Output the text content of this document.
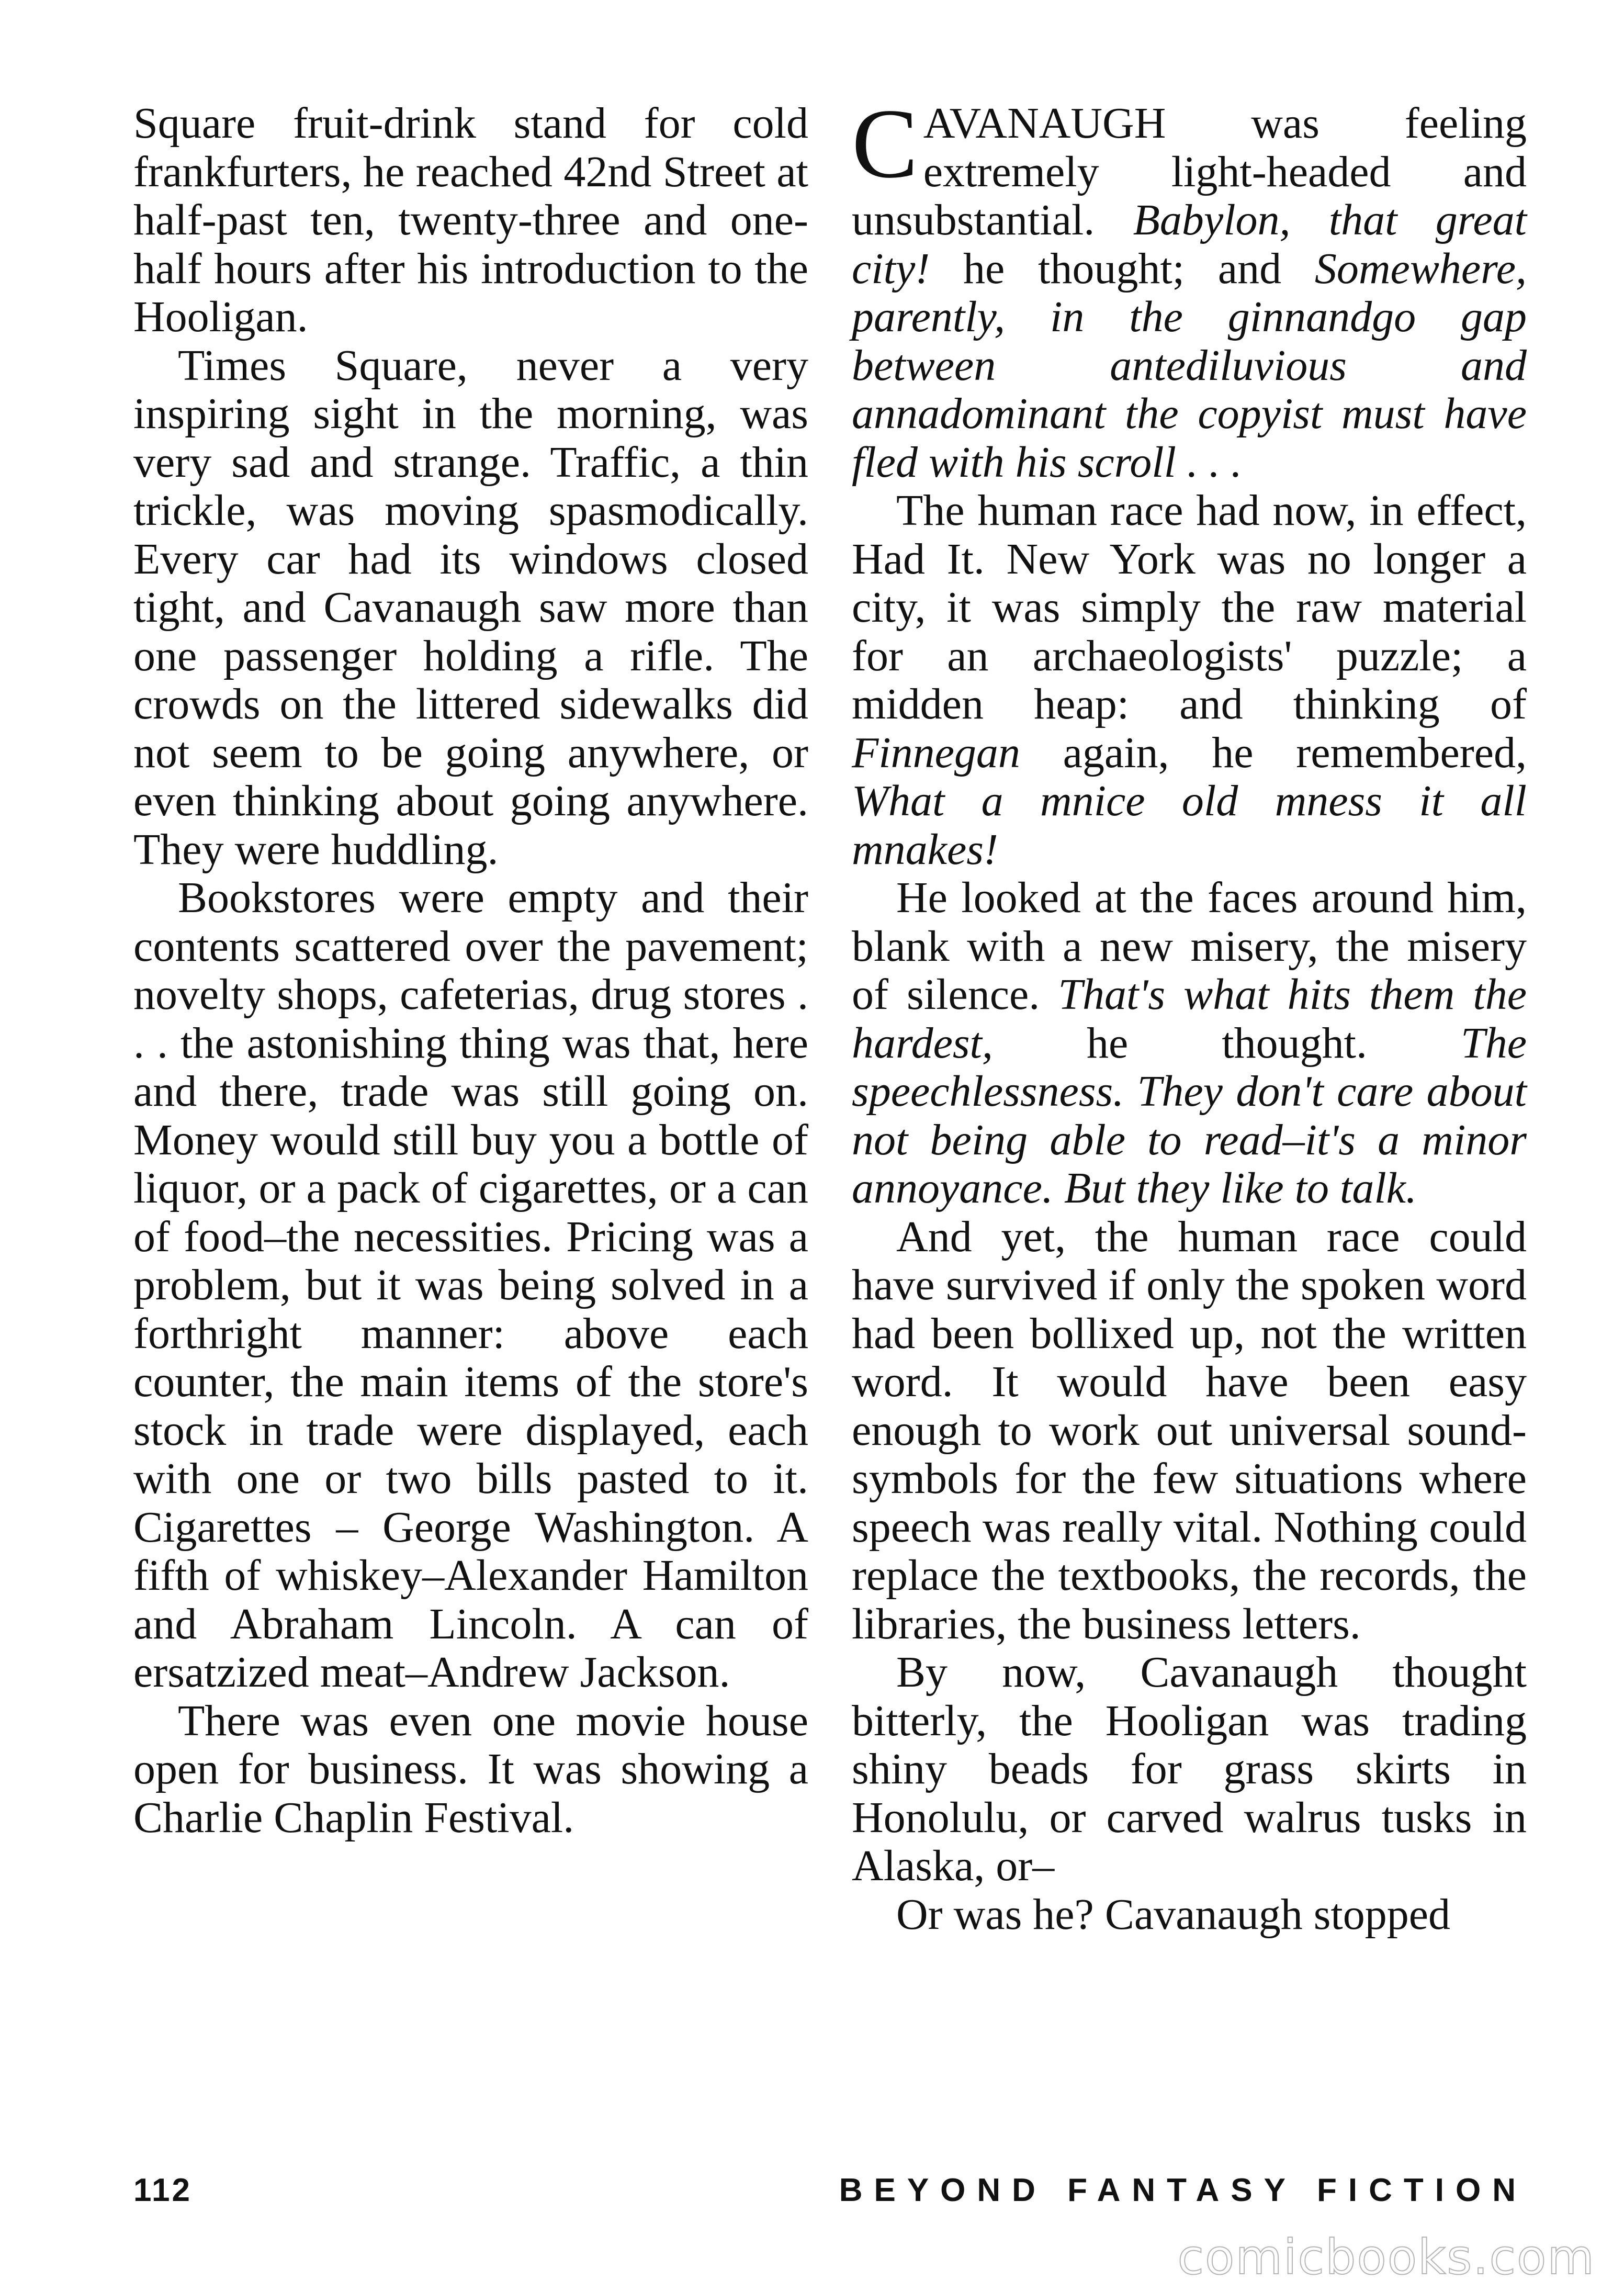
Square fruit-drink stand for cold frankfurters, he reached 42nd Street at half-past ten, twenty-three and one-half hours after his introduction to the Hooligan.

Times Square, never a very inspiring sight in the morning, was very sad and strange. Traffic, a thin trickle, was moving spasmodically. Every car had its windows closed tight, and Cavanaugh saw more than one passenger holding a rifle. The crowds on the littered sidewalks did not seem to be going anywhere, or even thinking about going anywhere. They were huddling.

Bookstores were empty and their contents scattered over the pavement; novelty shops, cafeterias, drug stores . . . the astonishing thing was that, here and there, trade was still going on. Money would still buy you a bottle of liquor, or a pack of cigarettes, or a can of food–the necessities. Pricing was a problem, but it was being solved in a forthright manner: above each counter, the main items of the store's stock in trade were displayed, each with one or two bills pasted to it. Cigarettes – George Washington. A fifth of whiskey–Alexander Hamilton and Abraham Lincoln. A can of ersatzized meat–Andrew Jackson.

There was even one movie house open for business. It was showing a Charlie Chaplin Festival.

CAVANAUGH was feeling extremely light-headed and unsubstantial. Babylon, that great city! he thought; and Somewhere, parently, in the ginnandgo gap between antediluvious and annadominant the copyist must have fled with his scroll . . .

The human race had now, in effect, Had It. New York was no longer a city, it was simply the raw material for an archaeologists' puzzle; a midden heap: and thinking of Finnegan again, he remembered, What a mnice old mness it all mnakes!

He looked at the faces around him, blank with a new misery, the misery of silence. That's what hits them the hardest, he thought. The speechlessness. They don't care about not being able to read–it's a minor annoyance. But they like to talk.

And yet, the human race could have survived if only the spoken word had been bollixed up, not the written word. It would have been easy enough to work out universal sound-symbols for the few situations where speech was really vital. Nothing could replace the textbooks, the records, the libraries, the business letters.

By now, Cavanaugh thought bitterly, the Hooligan was trading shiny beads for grass skirts in Honolulu, or carved walrus tusks in Alaska, or–

Or was he? Cavanaugh stopped

112	BEYOND FANTASY FICTION
comicbooks.com
